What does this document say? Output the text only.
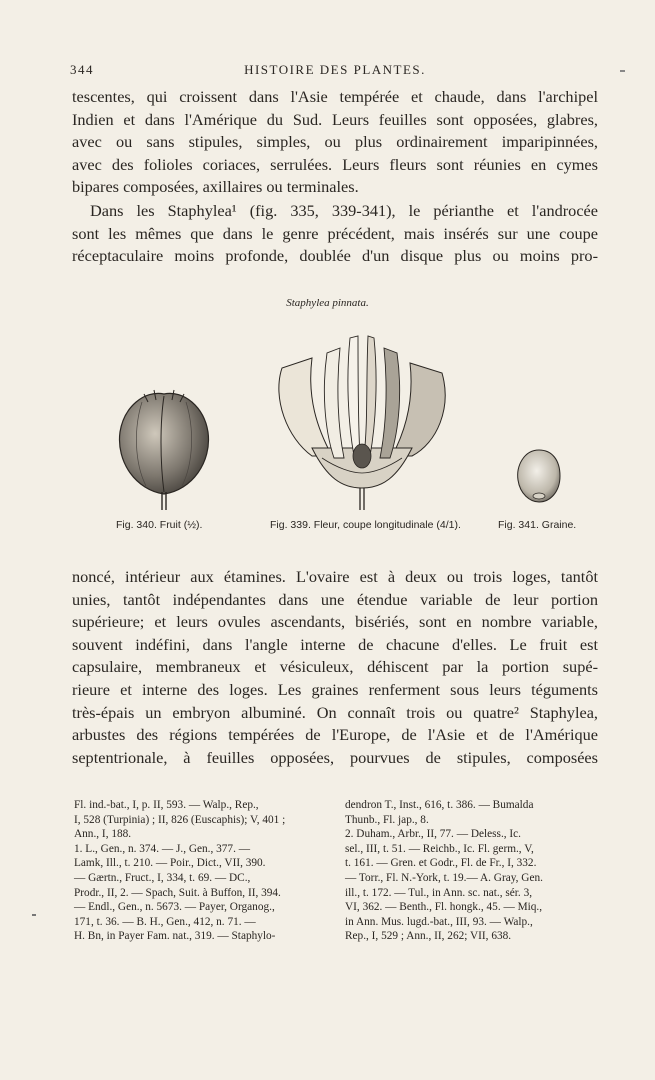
344	HISTOIRE DES PLANTES.
tescentes, qui croissent dans l'Asie tempérée et chaude, dans l'archipel
Indien et dans l'Amérique du Sud. Leurs feuilles sont opposées, glabres,
avec ou sans stipules, simples, ou plus ordinairement imparipinnées,
avec des folioles coriaces, serrulées. Leurs fleurs sont réunies en cymes
bipares composées, axillaires ou terminales.
Dans les Staphylea¹ (fig. 335, 339-341), le périanthe et l'androcée
sont les mêmes que dans le genre précédent, mais insérés sur une coupe
réceptaculaire moins profonde, doublée d'un disque plus ou moins pro-
Staphylea pinnata.
Fig. 340. Fruit (½).	Fig. 339. Fleur, coupe longitudinale (4/1).	Fig. 341. Graine.
noncé, intérieur aux étamines. L'ovaire est à deux ou trois loges, tantôt
unies, tantôt indépendantes dans une étendue variable de leur portion
supérieure; et leurs ovules ascendants, bisériés, sont en nombre variable,
souvent indéfini, dans l'angle interne de chacune d'elles. Le fruit est
capsulaire, membraneux et vésiculeux, déhiscent par la portion supé-
rieure et interne des loges. Les graines renferment sous leurs téguments
très-épais un embryon albuminé. On connaît trois ou quatre² Staphylea,
arbustes des régions tempérées de l'Europe, de l'Asie et de l'Amérique
septentrionale, à feuilles opposées, pourvues de stipules, composées
Fl. ind.-bat., I, p. II, 593. — Walp., Rep.,
I, 528 (Turpinia) ; II, 826 (Euscaphis); V, 401 ;
Ann., I, 188.
1. L., Gen., n. 374. — J., Gen., 377. —
Lamk, Ill., t. 210. — Poir., Dict., VII, 390.
— Gærtn., Fruct., I, 334, t. 69. — DC.,
Prodr., II, 2. — Spach, Suit. à Buffon, II, 394.
— Endl., Gen., n. 5673. — Payer, Organog.,
171, t. 36. — B. H., Gen., 412, n. 71. —
H. Bn, in Payer Fam. nat., 319. — Staphylo-
dendron T., Inst., 616, t. 386. — Bumalda
Thunb., Fl. jap., 8.
2. Duham., Arbr., II, 77. — Deless., Ic.
sel., III, t. 51. — Reichb., Ic. Fl. germ., V,
t. 161. — Gren. et Godr., Fl. de Fr., I, 332.
— Torr., Fl. N.-York, t. 19.— A. Gray, Gen.
ill., t. 172. — Tul., in Ann. sc. nat., sér. 3,
VI, 362. — Benth., Fl. hongk., 45. — Miq.,
in Ann. Mus. lugd.-bat., III, 93. — Walp.,
Rep., I, 529 ; Ann., II, 262; VII, 638.
